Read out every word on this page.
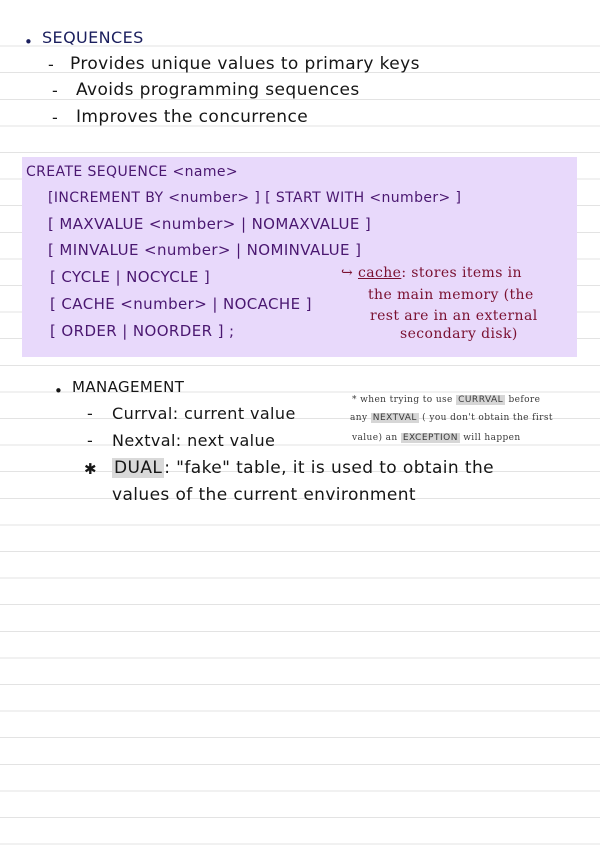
• SEQUENCES
- Provides unique values to primary keys
- Avoids programming sequences
- Improves the concurrence
CREATE SEQUENCE <name>
[INCREMENT BY <number> ] [ START WITH <number> ]
[ MAXVALUE <number> | NOMAXVALUE ]
[ MINVALUE <number> | NOMINVALUE ]
[ CYCLE | NOCYCLE ]
[ CACHE <number> | NOCACHE ]
[ ORDER | NOORDER ] ;
↪ cache: stores items in
the main memory (the
rest are in an external
secondary disk)
• MANAGEMENT
- Currval: current value
- Nextval: next value
✱ DUAL : "fake" table, it is used to obtain the
values of the current environment
* when trying to use CURRVAL before
any NEXTVAL ( you don't obtain the first
value) an EXCEPTION will happen
